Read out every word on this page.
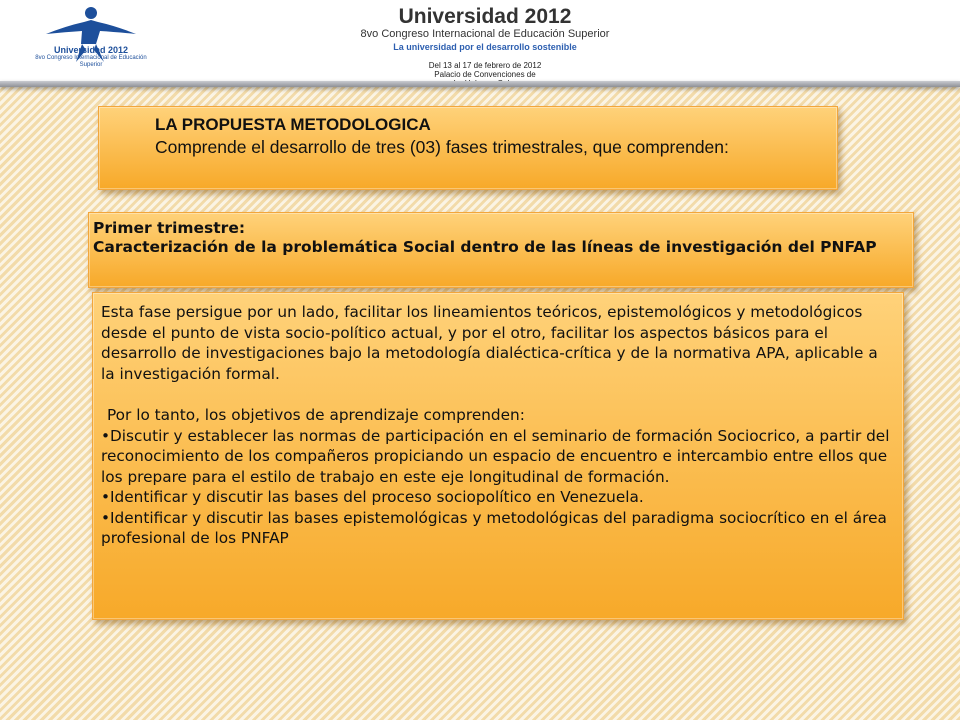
Universidad 2012
8vo Congreso Internacional de Educación Superior
Universidad 2012
8vo Congreso Internacional de Educación Superior
La universidad por el desarrollo sostenible
Del 13 al 17 de febrero de 2012
Palacio de Convenciones de
LA PROPUESTA METODOLOGICA
Comprende el desarrollo de tres (03) fases trimestrales, que comprenden:
Primer trimestre:
Caracterización de la problemática Social dentro de las líneas de investigación del PNFAP
Esta fase persigue por un lado, facilitar los lineamientos teóricos, epistemológicos y metodológicos desde el punto de vista socio-político actual, y por el otro, facilitar los aspectos básicos para el desarrollo de investigaciones bajo la metodología dialéctica-crítica y de la normativa APA, aplicable a la investigación formal.
Por lo tanto, los objetivos de aprendizaje comprenden:
•Discutir y establecer las normas de participación en el seminario de formación Sociocrico, a partir del reconocimiento de los compañeros propiciando un espacio de encuentro e intercambio entre ellos que los prepare para el estilo de trabajo en este eje longitudinal de formación.
•Identificar y discutir las bases del proceso sociopolítico en Venezuela.
•Identificar y discutir las bases epistemológicas y metodológicas del paradigma sociocrítico en el área profesional de los PNFAP
